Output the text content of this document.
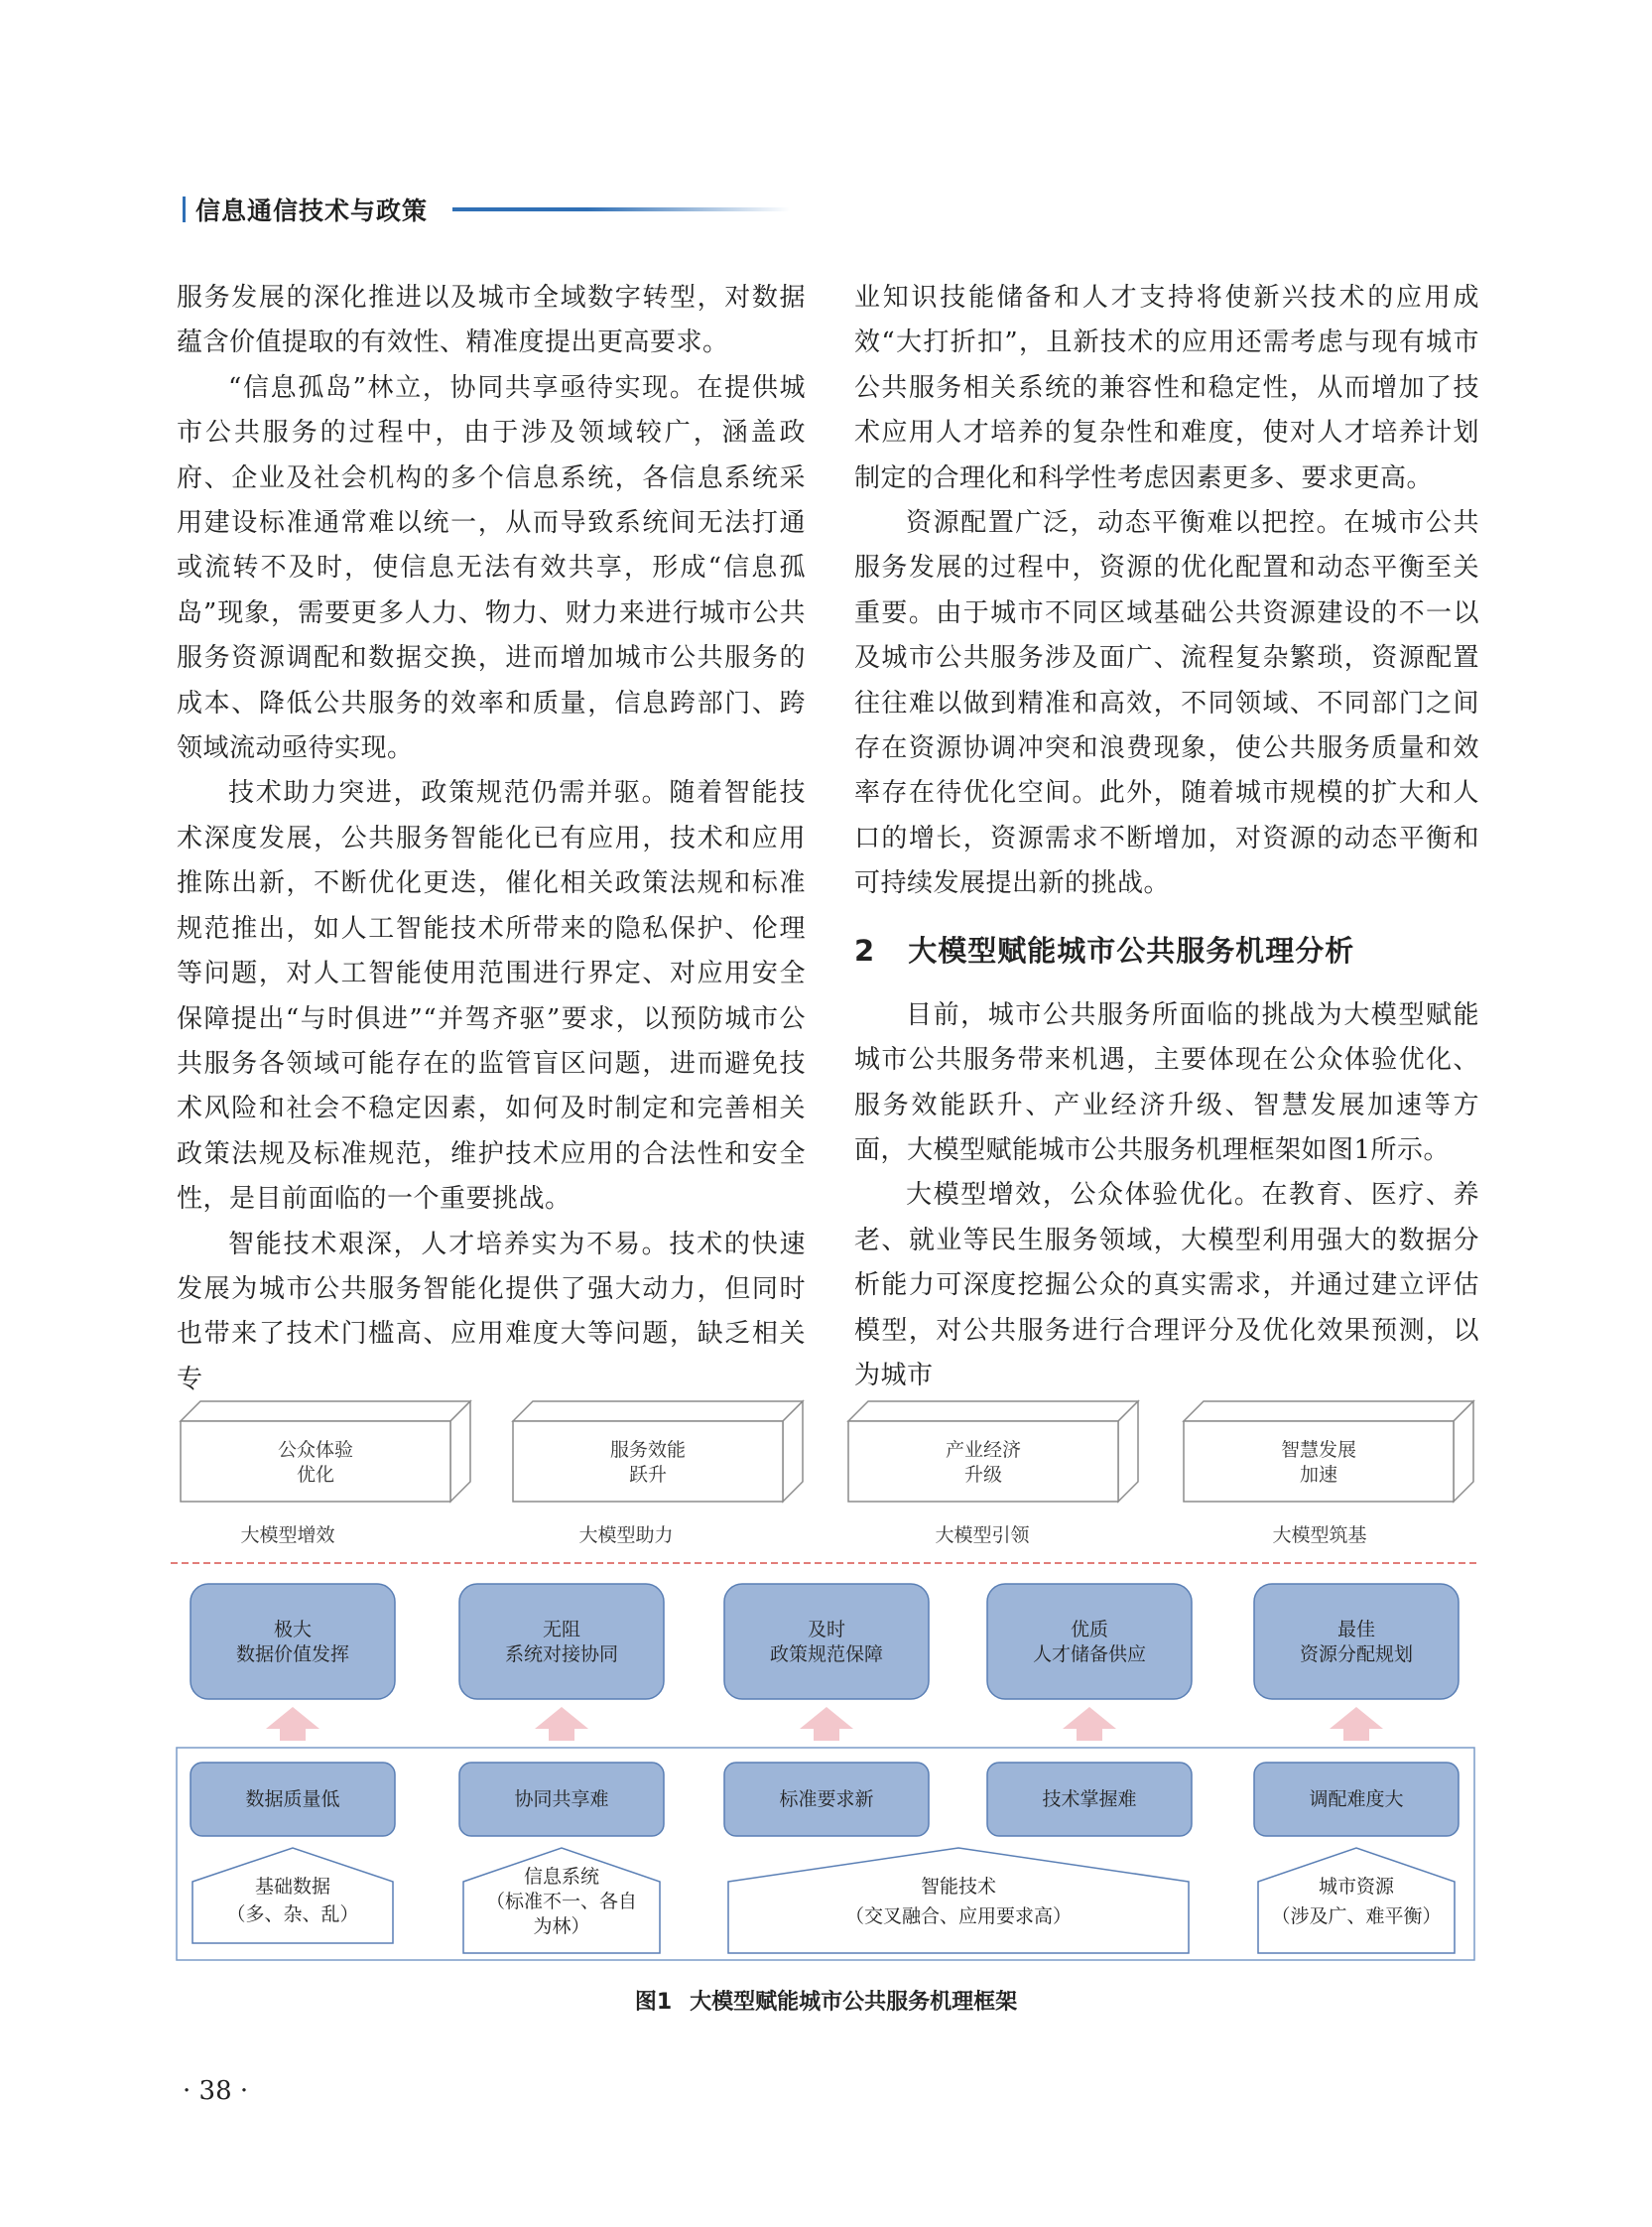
信息通信技术与政策

服务发展的深化推进以及城市全域数字转型，对数据蕴含价值提取的有效性、精准度提出更高要求。

“信息孤岛”林立，协同共享亟待实现。在提供城市公共服务的过程中，由于涉及领域较广，涵盖政府、企业及社会机构的多个信息系统，各信息系统采用建设标准通常难以统一，从而导致系统间无法打通或流转不及时，使信息无法有效共享，形成“信息孤岛”现象，需要更多人力、物力、财力来进行城市公共服务资源调配和数据交换，进而增加城市公共服务的成本、降低公共服务的效率和质量，信息跨部门、跨领域流动亟待实现。

技术助力突进，政策规范仍需并驱。随着智能技术深度发展，公共服务智能化已有应用，技术和应用推陈出新，不断优化更迭，催化相关政策法规和标准规范推出，如人工智能技术所带来的隐私保护、伦理等问题，对人工智能使用范围进行界定、对应用安全保障提出“与时俱进”“并驾齐驱”要求，以预防城市公共服务各领域可能存在的监管盲区问题，进而避免技术风险和社会不稳定因素，如何及时制定和完善相关政策法规及标准规范，维护技术应用的合法性和安全性，是目前面临的一个重要挑战。

智能技术艰深，人才培养实为不易。技术的快速发展为城市公共服务智能化提供了强大动力，但同时也带来了技术门槛高、应用难度大等问题，缺乏相关专

业知识技能储备和人才支持将使新兴技术的应用成效“大打折扣”，且新技术的应用还需考虑与现有城市公共服务相关系统的兼容性和稳定性，从而增加了技术应用人才培养的复杂性和难度，使对人才培养计划制定的合理化和科学性考虑因素更多、要求更高。

资源配置广泛，动态平衡难以把控。在城市公共服务发展的过程中，资源的优化配置和动态平衡至关重要。由于城市不同区域基础公共资源建设的不一以及城市公共服务涉及面广、流程复杂繁琐，资源配置往往难以做到精准和高效，不同领域、不同部门之间存在资源协调冲突和浪费现象，使公共服务质量和效率存在待优化空间。此外，随着城市规模的扩大和人口的增长，资源需求不断增加，对资源的动态平衡和可持续发展提出新的挑战。

2 大模型赋能城市公共服务机理分析

目前，城市公共服务所面临的挑战为大模型赋能城市公共服务带来机遇，主要体现在公众体验优化、服务效能跃升、产业经济升级、智慧发展加速等方面，大模型赋能城市公共服务机理框架如图1所示。

大模型增效，公众体验优化。在教育、医疗、养老、就业等民生服务领域，大模型利用强大的数据分析能力可深度挖掘公众的真实需求，并通过建立评估模型，对公共服务进行合理评分及优化效果预测，以为城市

公众体验
优化
大模型增效
服务效能
跃升
大模型助力
产业经济
升级
大模型引领
智慧发展
加速
大模型筑基
极大
数据价值发挥
无阻
系统对接协同
及时
政策规范保障
优质
人才储备供应
最佳
资源分配规划
数据质量低	协同共享难	标准要求新	技术掌握难	调配难度大
基础数据
（多、杂、乱）
信息系统
（标准不一、各自
为林）
智能技术
（交叉融合、应用要求高）
城市资源
（涉及广、难平衡）
图1 大模型赋能城市公共服务机理框架
· 38 ·
